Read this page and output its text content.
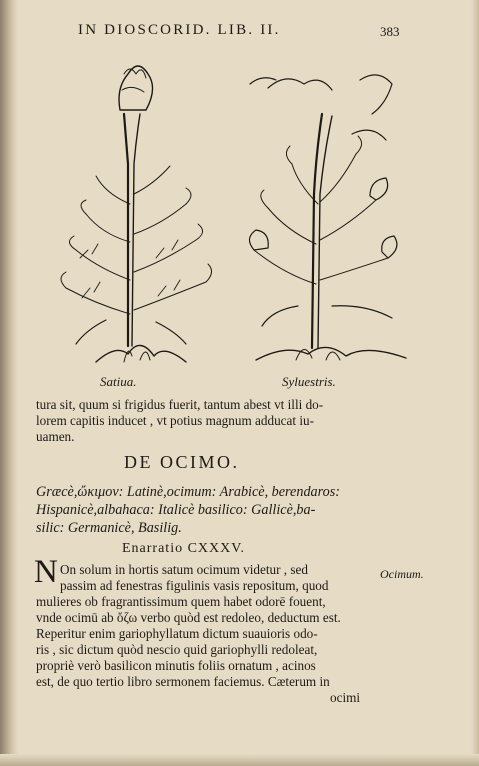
IN DIOSCORID. LIB. II.	383
Satiua.	Syluestris.
tura sit, quum si frigidus fuerit, tantum abest vt illi do-
lorem capitis inducet , vt potius magnum adducat iu-
uamen.
DE OCIMO.
Græcè,ὤκιμον: Latinè,ocimum: Arabicè, berendaros:
Hispanicè,albahaca: Italicè basilico: Gallicè,ba-
silic: Germanicè, Basilig.
Enarratio CXXXV.
N On solum in hortis satum ocimum videtur , sed
passim ad fenestras figulinis vasis repositum, quod
mulieres ob fragrantissimum quem habet odorē fouent,
vnde ocimū ab ὄζω verbo quòd est redoleo, deductum est.
Reperitur enim gariophyllatum dictum suauioris odo-
ris , sic dictum quòd nescio quid gariophylli redoleat,
propriè verò basilicon minutis foliis ornatum , acinos
est, de quo tertio libro sermonem faciemus. Cæterum in
ocimi
Ocimum.
